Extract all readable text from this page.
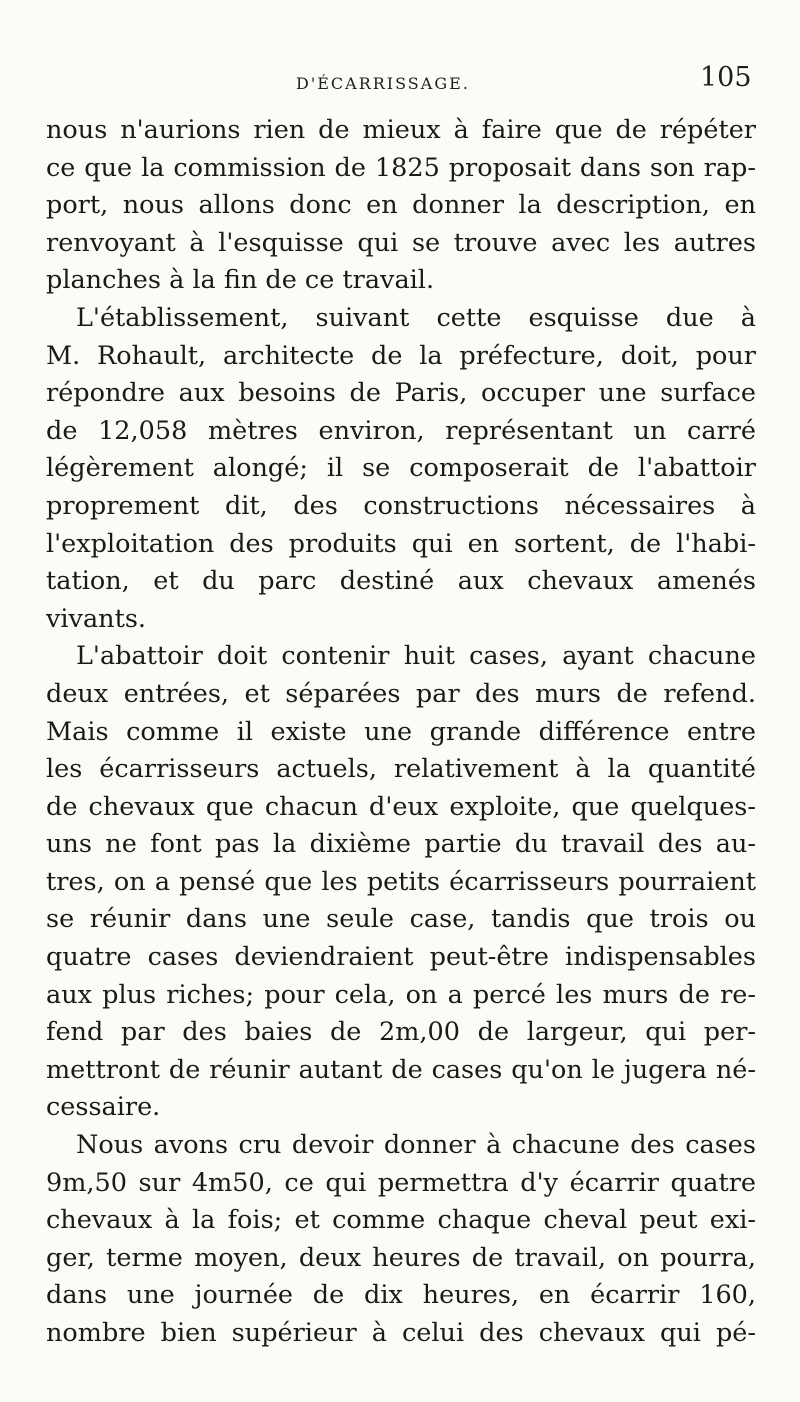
D'ÉCARRISSAGE.	105
nous n'aurions rien de mieux à faire que de répéter
ce que la commission de 1825 proposait dans son rap-
port, nous allons donc en donner la description, en
renvoyant à l'esquisse qui se trouve avec les autres
planches à la fin de ce travail.
L'établissement, suivant cette esquisse due à
M. Rohault, architecte de la préfecture, doit, pour
répondre aux besoins de Paris, occuper une surface
de 12,058 mètres environ, représentant un carré
légèrement alongé; il se composerait de l'abattoir
proprement dit, des constructions nécessaires à
l'exploitation des produits qui en sortent, de l'habi-
tation, et du parc destiné aux chevaux amenés
vivants.
L'abattoir doit contenir huit cases, ayant chacune
deux entrées, et séparées par des murs de refend.
Mais comme il existe une grande différence entre
les écarrisseurs actuels, relativement à la quantité
de chevaux que chacun d'eux exploite, que quelques-
uns ne font pas la dixième partie du travail des au-
tres, on a pensé que les petits écarrisseurs pourraient
se réunir dans une seule case, tandis que trois ou
quatre cases deviendraient peut-être indispensables
aux plus riches; pour cela, on a percé les murs de re-
fend par des baies de 2m,00 de largeur, qui per-
mettront de réunir autant de cases qu'on le jugera né-
cessaire.
Nous avons cru devoir donner à chacune des cases
9m,50 sur 4m50, ce qui permettra d'y écarrir quatre
chevaux à la fois; et comme chaque cheval peut exi-
ger, terme moyen, deux heures de travail, on pourra,
dans une journée de dix heures, en écarrir 160,
nombre bien supérieur à celui des chevaux qui pé-
